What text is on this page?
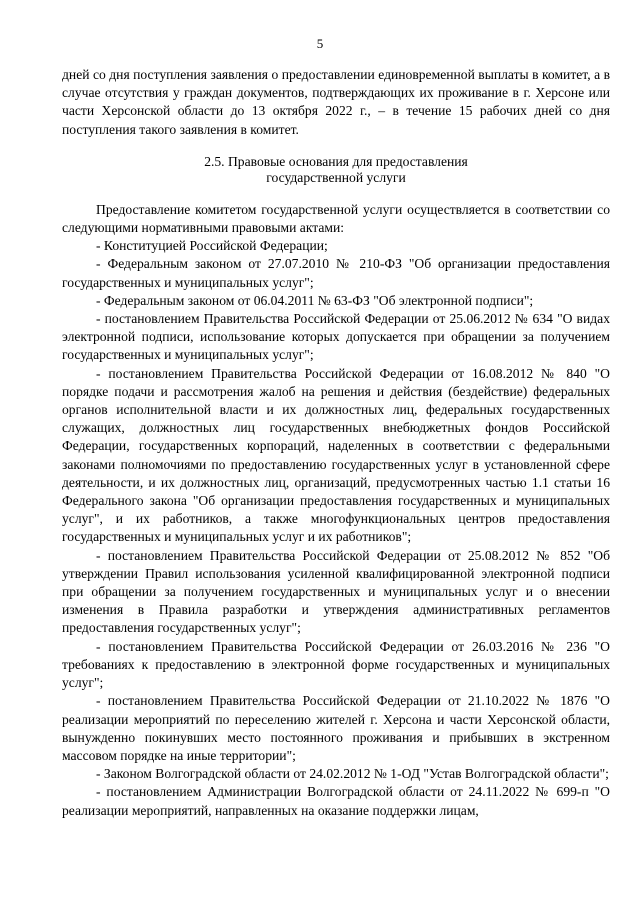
5

дней со дня поступления заявления о предоставлении единовременной выплаты в комитет, а в случае отсутствия у граждан документов, подтверждающих их проживание в г. Херсоне или части Херсонской области до 13 октября 2022 г., – в течение 15 рабочих дней со дня поступления такого заявления в комитет.

2.5. Правовые основания для предоставления
государственной услуги

Предоставление комитетом государственной услуги осуществляется в соответствии со следующими нормативными правовыми актами:

- Конституцией Российской Федерации;

- Федеральным законом от 27.07.2010 № 210-ФЗ "Об организации предоставления государственных и муниципальных услуг";

- Федеральным законом от 06.04.2011 № 63-ФЗ "Об электронной подписи";

- постановлением Правительства Российской Федерации от 25.06.2012 № 634 "О видах электронной подписи, использование которых допускается при обращении за получением государственных и муниципальных услуг";

- постановлением Правительства Российской Федерации от 16.08.2012 № 840 "О порядке подачи и рассмотрения жалоб на решения и действия (бездействие) федеральных органов исполнительной власти и их должностных лиц, федеральных государственных служащих, должностных лиц государственных внебюджетных фондов Российской Федерации, государственных корпораций, наделенных в соответствии с федеральными законами полномочиями по предоставлению государственных услуг в установленной сфере деятельности, и их должностных лиц, организаций, предусмотренных частью 1.1 статьи 16 Федерального закона "Об организации предоставления государственных и муниципальных услуг", и их работников, а также многофункциональных центров предоставления государственных и муниципальных услуг и их работников";

- постановлением Правительства Российской Федерации от 25.08.2012 № 852 "Об утверждении Правил использования усиленной квалифицированной электронной подписи при обращении за получением государственных и муниципальных услуг и о внесении изменения в Правила разработки и утверждения административных регламентов предоставления государственных услуг";

- постановлением Правительства Российской Федерации от 26.03.2016 № 236 "О требованиях к предоставлению в электронной форме государственных и муниципальных услуг";

- постановлением Правительства Российской Федерации от 21.10.2022 № 1876 "О реализации мероприятий по переселению жителей г. Херсона и части Херсонской области, вынужденно покинувших место постоянного проживания и прибывших в экстренном массовом порядке на иные территории";

- Законом Волгоградской области от 24.02.2012 № 1-ОД "Устав Волгоградской области";

- постановлением Администрации Волгоградской области от 24.11.2022 № 699-п "О реализации мероприятий, направленных на оказание поддержки лицам,
